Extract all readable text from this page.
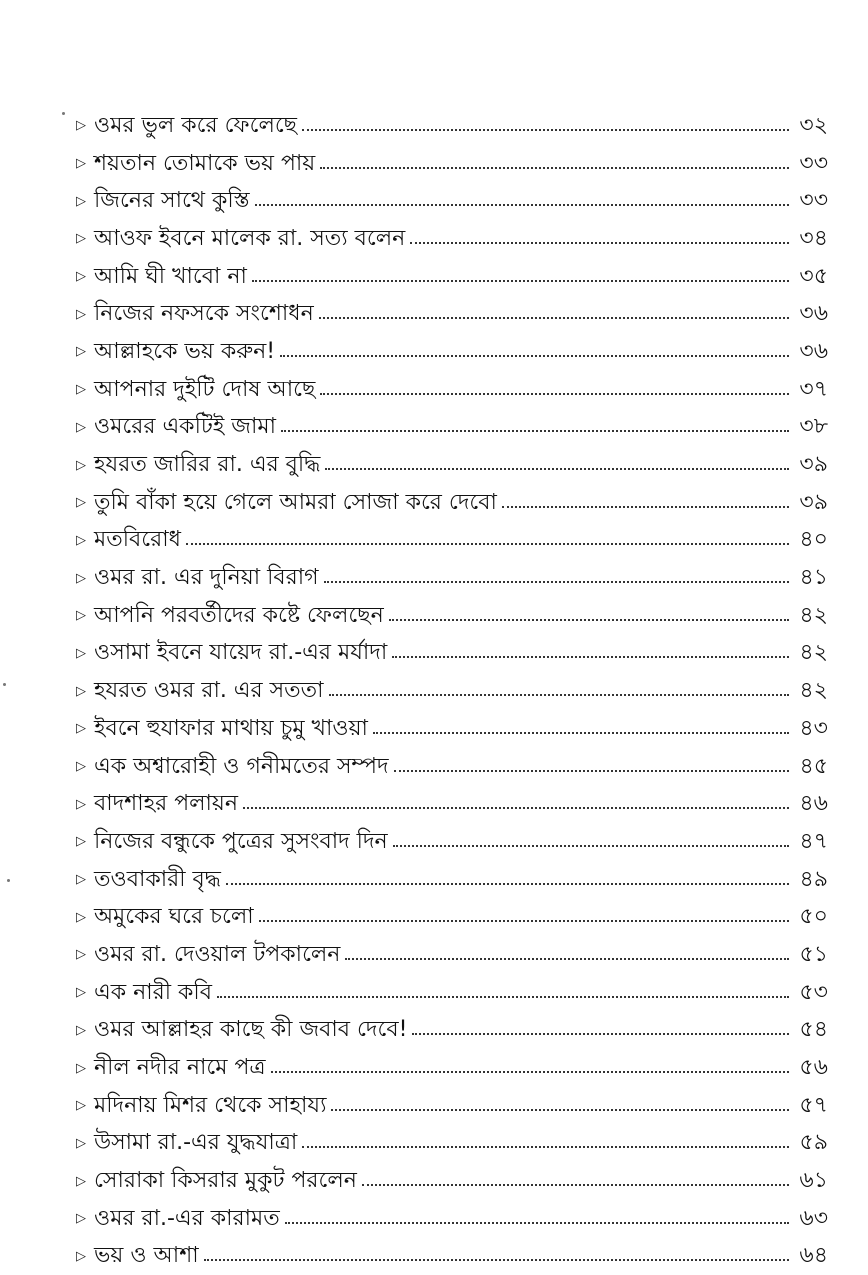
▷ ওমর ভুল করে ফেলেছে	৩২
▷ শয়তান তোমাকে ভয় পায়	৩৩
▷ জিনের সাথে কুস্তি	৩৩
▷ আওফ ইবনে মালেক রা. সত্য বলেন	৩৪
▷ আমি ঘী খাবো না	৩৫
▷ নিজের নফসকে সংশোধন	৩৬
▷ আল্লাহকে ভয় করুন!	৩৬
▷ আপনার দুইটি দোষ আছে	৩৭
▷ ওমরের একটিই জামা	৩৮
▷ হযরত জারির রা. এর বুদ্ধি	৩৯
▷ তুমি বাঁকা হয়ে গেলে আমরা সোজা করে দেবো	৩৯
▷ মতবিরোধ	৪০
▷ ওমর রা. এর দুনিয়া বিরাগ	৪১
▷ আপনি পরবর্তীদের কষ্টে ফেলছেন	৪২
▷ ওসামা ইবনে যায়েদ রা.-এর মর্যাদা	৪২
▷ হযরত ওমর রা. এর সততা	৪২
▷ ইবনে হুযাফার মাথায় চুমু খাওয়া	৪৩
▷ এক অশ্বারোহী ও গনীমতের সম্পদ	৪৫
▷ বাদশাহর পলায়ন	৪৬
▷ নিজের বন্ধুকে পুত্রের সুসংবাদ দিন	৪৭
▷ তওবাকারী বৃদ্ধ	৪৯
▷ অমুকের ঘরে চলো	৫০
▷ ওমর রা. দেওয়াল টপকালেন	৫১
▷ এক নারী কবি	৫৩
▷ ওমর আল্লাহর কাছে কী জবাব দেবে!	৫৪
▷ নীল নদীর নামে পত্র	৫৬
▷ মদিনায় মিশর থেকে সাহায্য	৫৭
▷ উসামা রা.-এর যুদ্ধযাত্রা	৫৯
▷ সোরাকা কিসরার মুকুট পরলেন	৬১
▷ ওমর রা.-এর কারামত	৬৩
▷ ভয় ও আশা	৬৪
